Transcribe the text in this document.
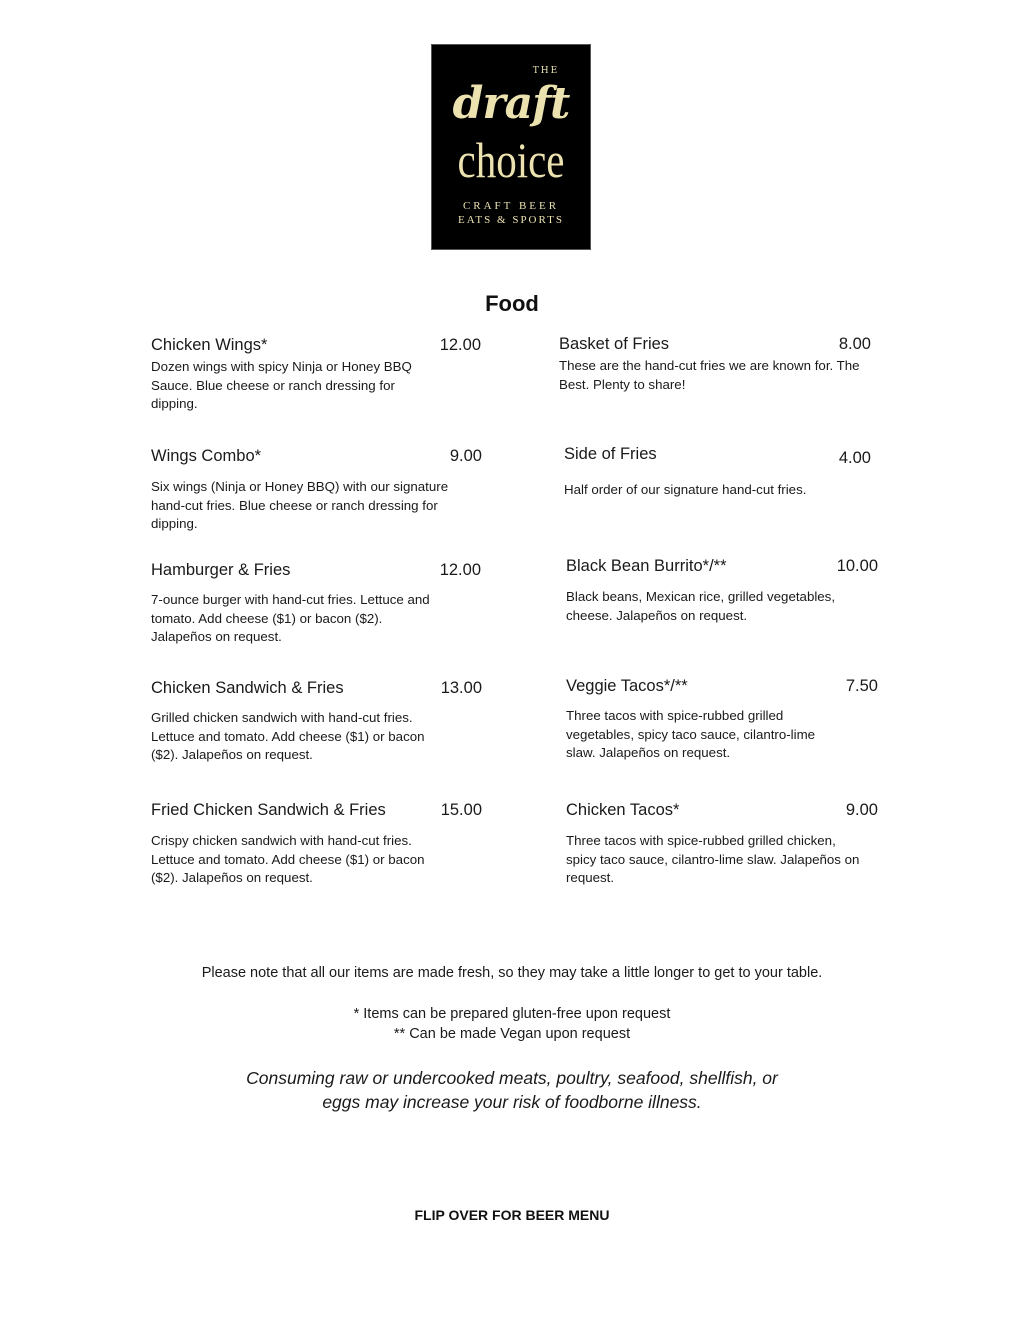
THE
draft
choice
CRAFT BEER
EATS & SPORTS
Food
Chicken Wings*	12.00
Dozen wings with spicy Ninja or Honey BBQ Sauce. Blue cheese or ranch dressing for dipping.
Wings Combo*	9.00
Six wings (Ninja or Honey BBQ) with our signature hand-cut fries. Blue cheese or ranch dressing for dipping.
Hamburger & Fries	12.00
7-ounce burger with hand-cut fries. Lettuce and tomato. Add cheese ($1) or bacon ($2). Jalapeños on request.
Chicken Sandwich & Fries	13.00
Grilled chicken sandwich with hand-cut fries. Lettuce and tomato. Add cheese ($1) or bacon ($2). Jalapeños on request.
Fried Chicken Sandwich & Fries	15.00
Crispy chicken sandwich with hand-cut fries. Lettuce and tomato. Add cheese ($1) or bacon ($2). Jalapeños on request.
Basket of Fries	8.00
These are the hand-cut fries we are known for. The Best. Plenty to share!
Side of Fries	4.00
Half order of our signature hand-cut fries.
Black Bean Burrito*/**	10.00
Black beans, Mexican rice, grilled vegetables, cheese. Jalapeños on request.
Veggie Tacos*/**	7.50
Three tacos with spice-rubbed grilled vegetables, spicy taco sauce, cilantro-lime slaw. Jalapeños on request.
Chicken Tacos*	9.00
Three tacos with spice-rubbed grilled chicken, spicy taco sauce, cilantro-lime slaw. Jalapeños on request.
Please note that all our items are made fresh, so they may take a little longer to get to your table.
* Items can be prepared gluten-free upon request
** Can be made Vegan upon request
Consuming raw or undercooked meats, poultry, seafood, shellfish, or
eggs may increase your risk of foodborne illness.
FLIP OVER FOR BEER MENU
